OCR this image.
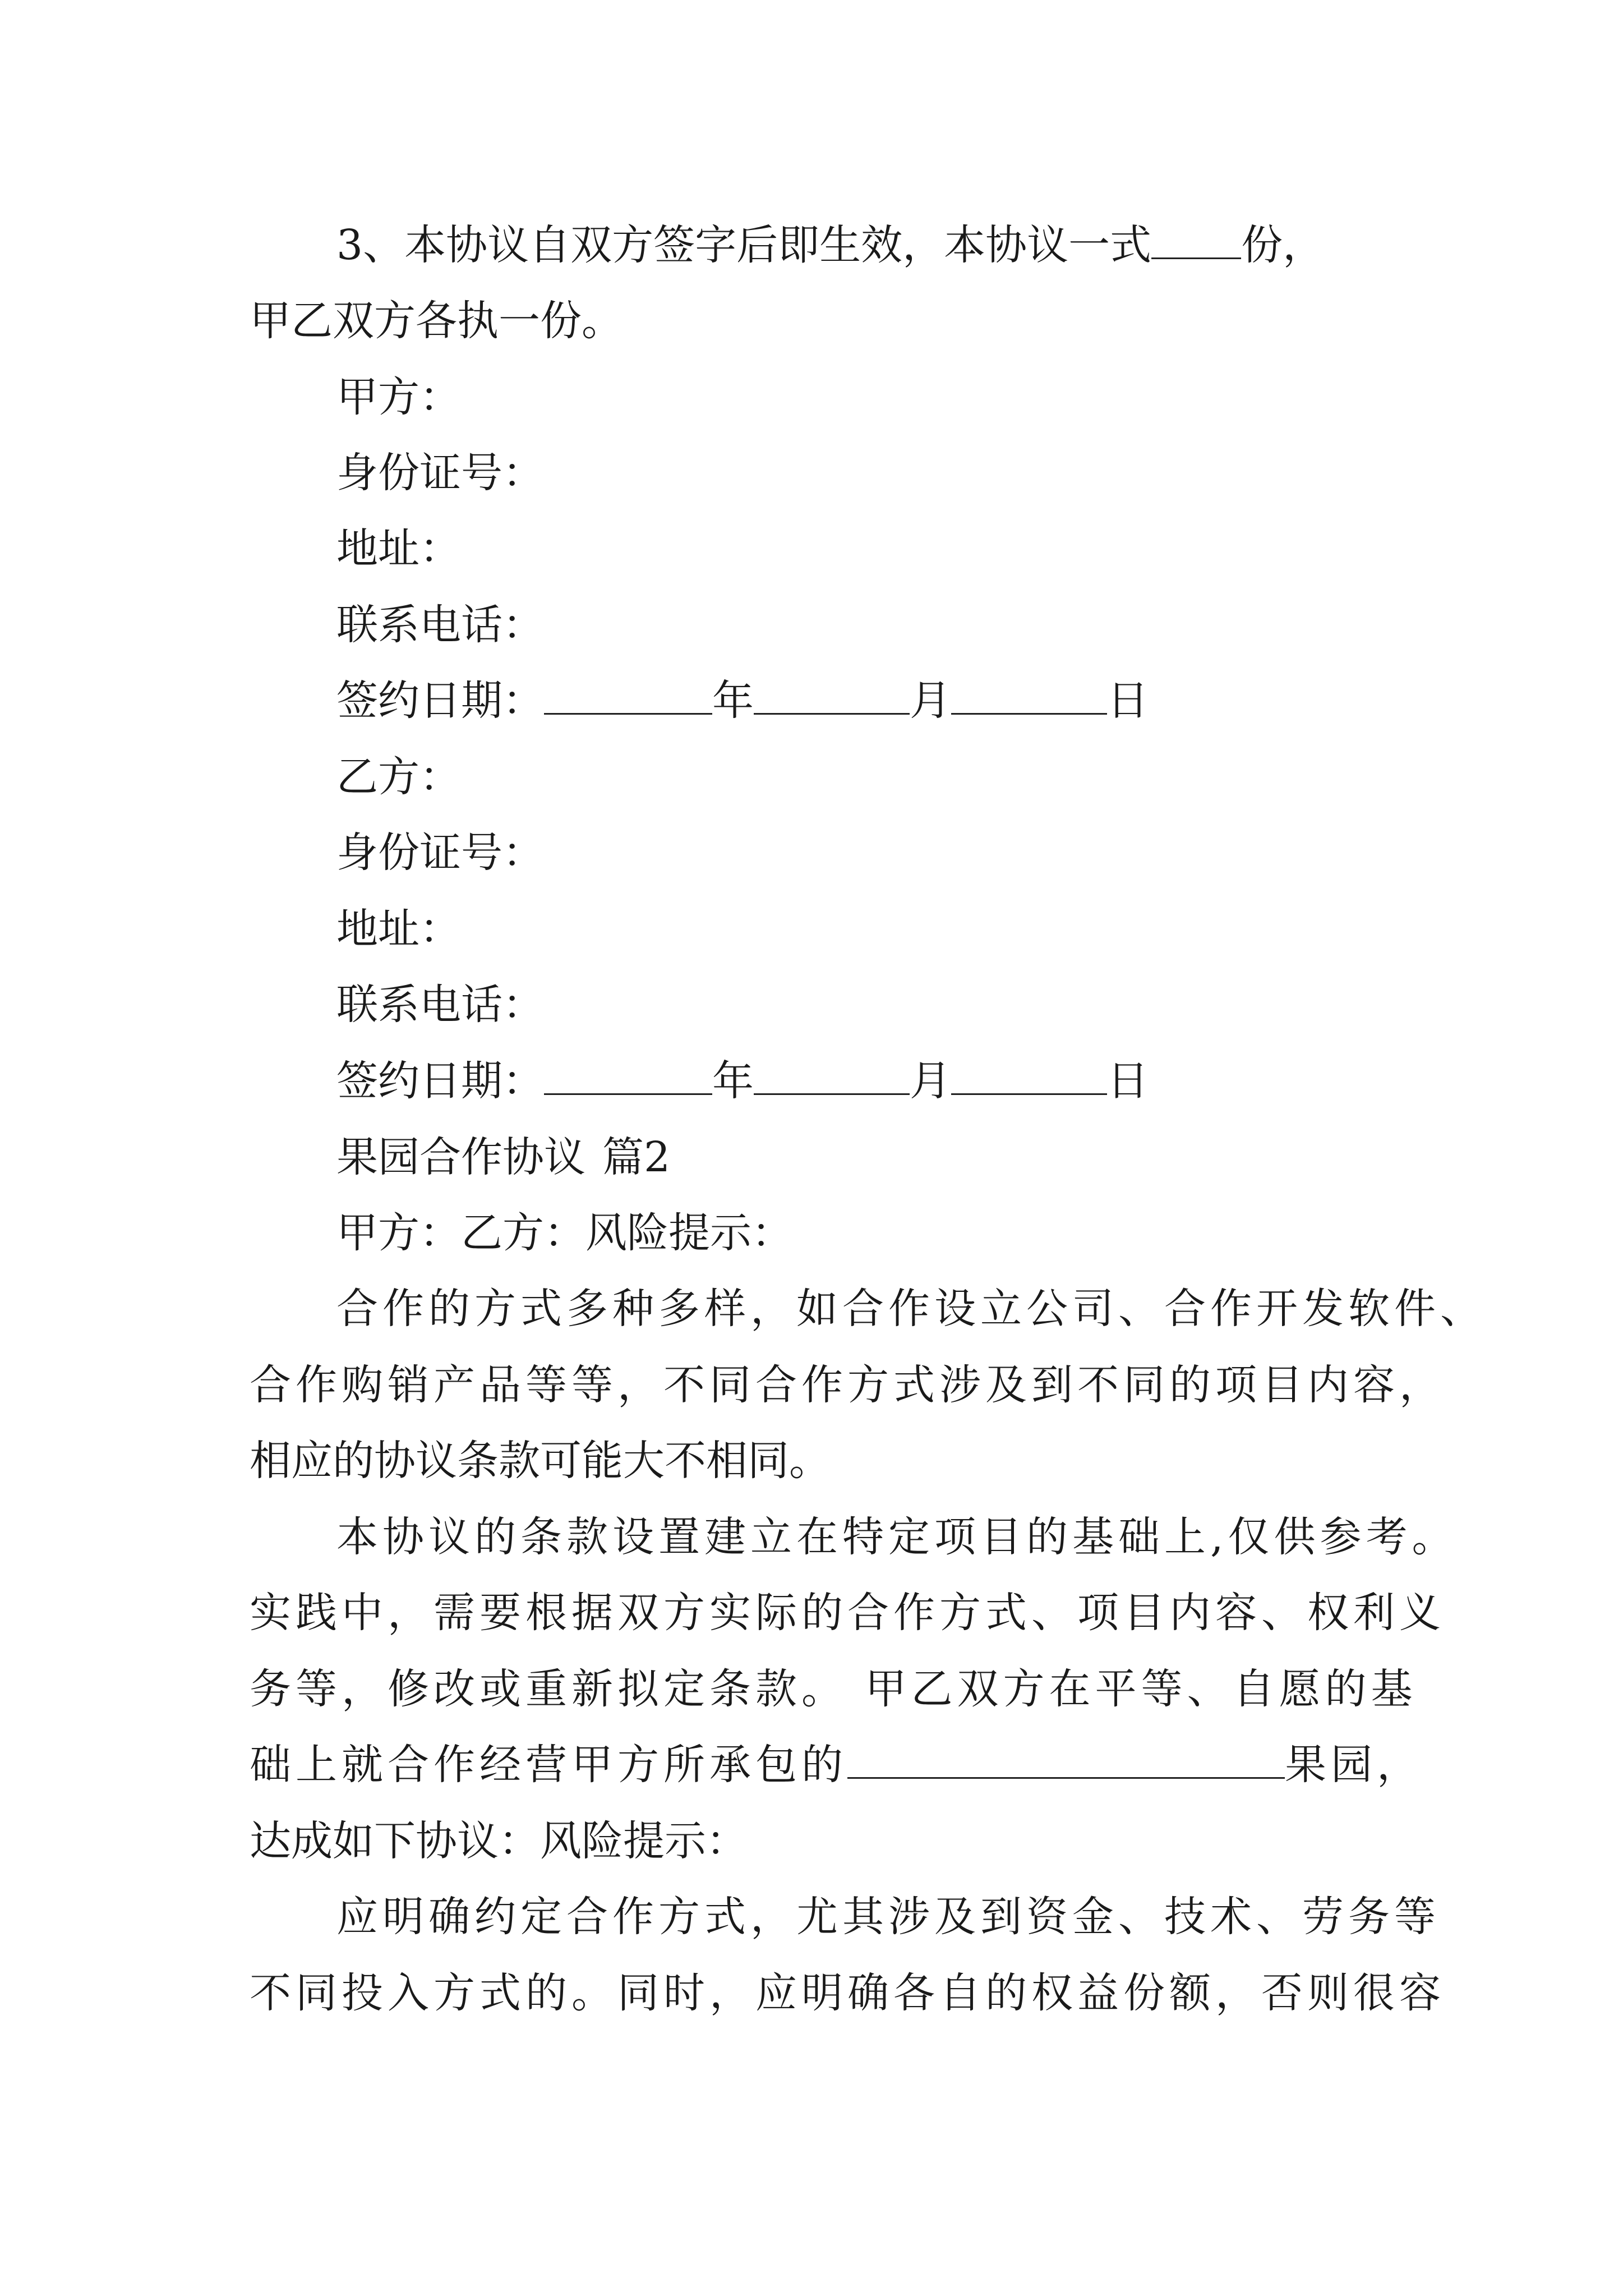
3、本协议自双方签字后即生效，本协议一式 份，
甲乙双方各执一份。
甲方：
身份证号：
地址：
联系电话：
签约日期：	年	月	日
乙方：
身份证号：
地址：
联系电话：
签约日期：	年	月	日
果园合作协议 篇2
甲方：乙方：风险提示：
合作的方式多种多样，如合作设立公司、合作开发软件、
合作购销产品等等，不同合作方式涉及到不同的项目内容，
相应的协议条款可能大不相同。
本协议的条款设置建立在特定项目的基础上,仅供参考。
实践中，需要根据双方实际的合作方式、项目内容、权利义
务等，修改或重新拟定条款。 甲乙双方在平等、自愿的基
础上就合作经营甲方所承包的	果园，
达成如下协议：风险提示：
应明确约定合作方式，尤其涉及到资金、技术、劳务等
不同投入方式的。同时，应明确各自的权益份额，否则很容
